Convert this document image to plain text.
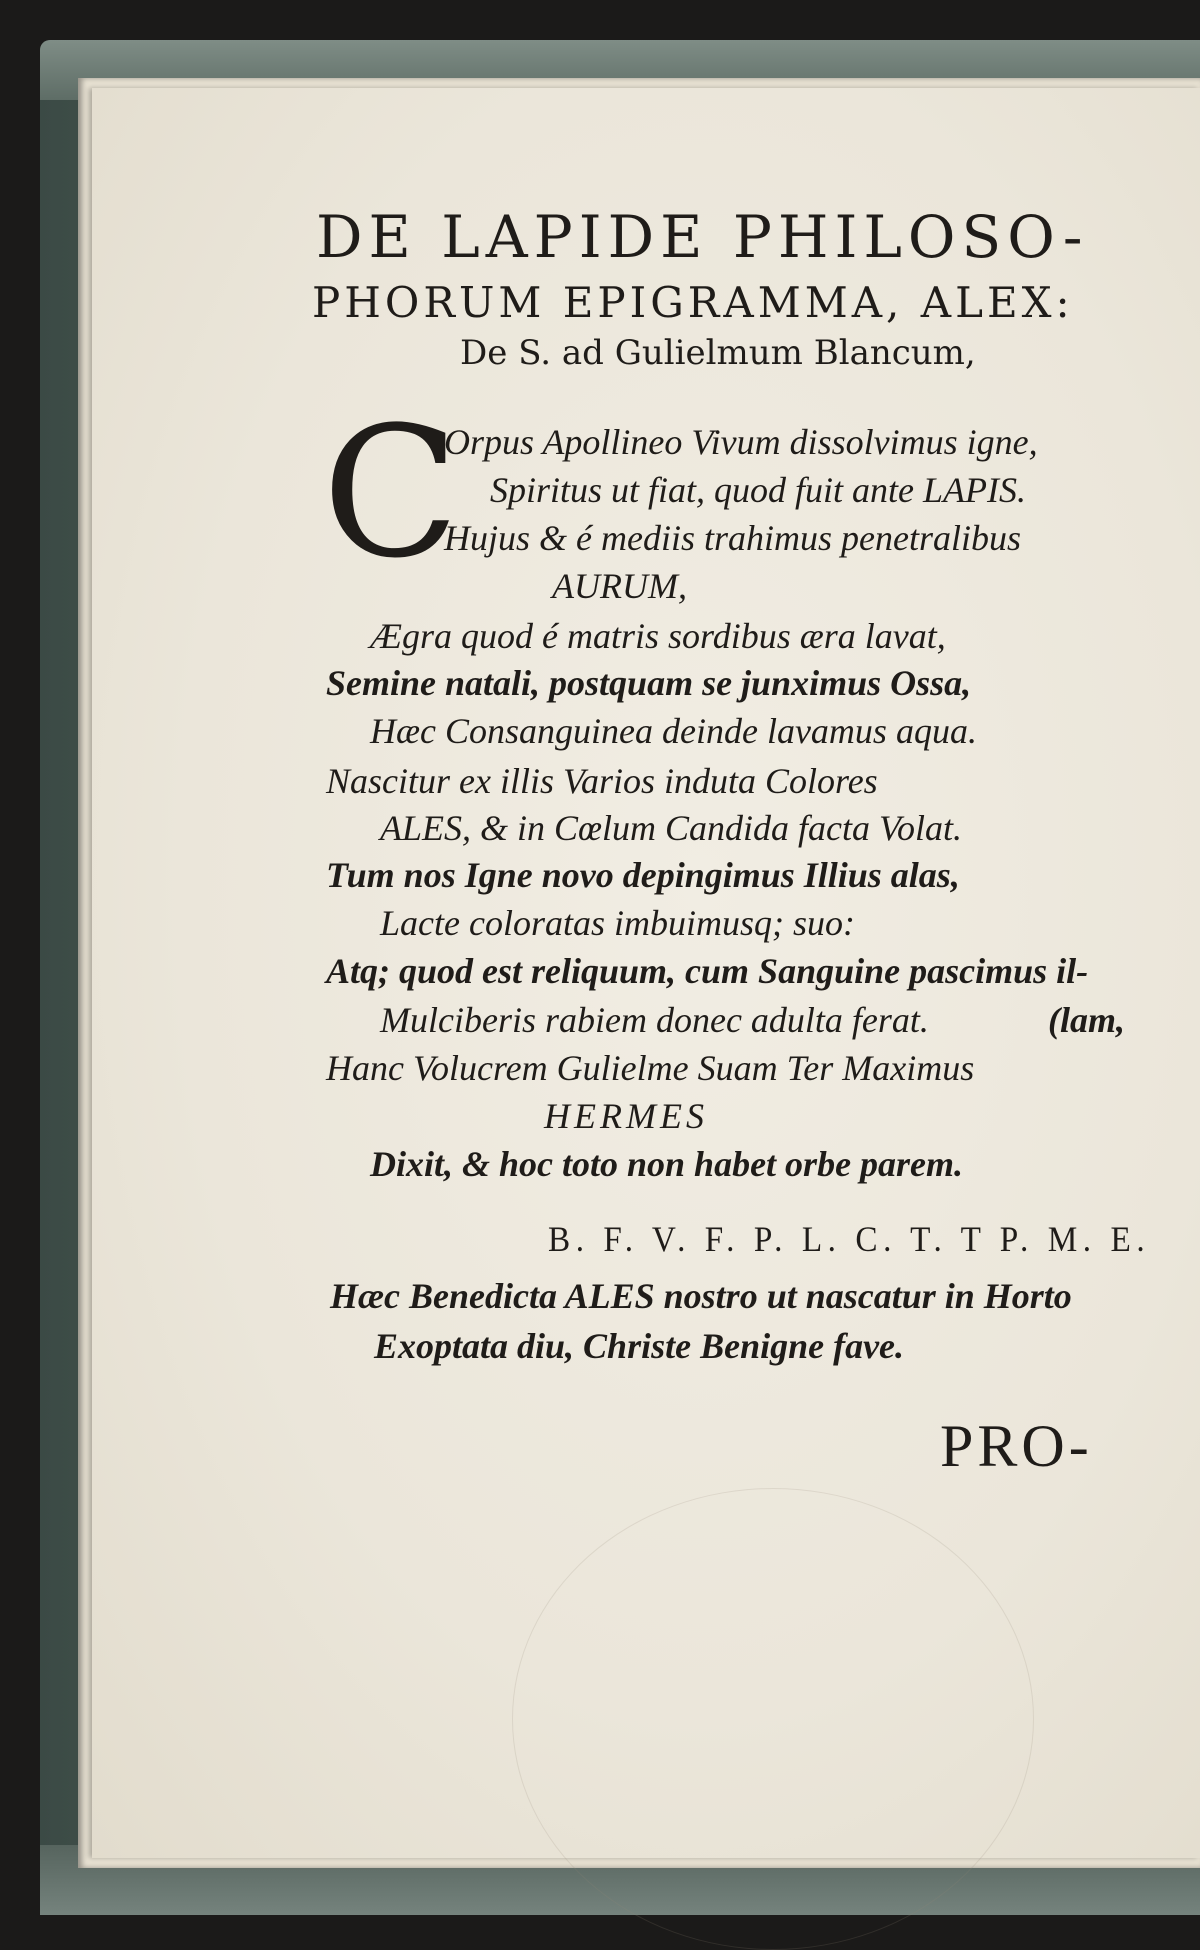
DE LAPIDE PHILOSO-
PHORUM EPIGRAMMA, ALEX:
De S. ad Gulielmum Blancum,
C
Orpus Apollineo Vivum dissolvimus igne,
Spiritus ut fiat, quod fuit ante LAPIS.
Hujus & é mediis trahimus penetralibus
AURUM,
Ægra quod é matris sordibus æra lavat,
Semine natali, postquam se junximus Ossa,
Hæc Consanguinea deinde lavamus aqua.
Nascitur ex illis Varios induta Colores
ALES, & in Cœlum Candida facta Volat.
Tum nos Igne novo depingimus Illius alas,
Lacte coloratas imbuimusq; suo:
Atq; quod est reliquum, cum Sanguine pascimus il-
Mulciberis rabiem donec adulta ferat.	(lam,
Hanc Volucrem Gulielme Suam Ter Maximus
HERMES
Dixit, & hoc toto non habet orbe parem.
B. F. V. F. P. L. C. T. T P. M. E.
Hæc Benedicta ALES nostro ut nascatur in Horto
Exoptata diu, Christe Benigne fave.
PRO-
